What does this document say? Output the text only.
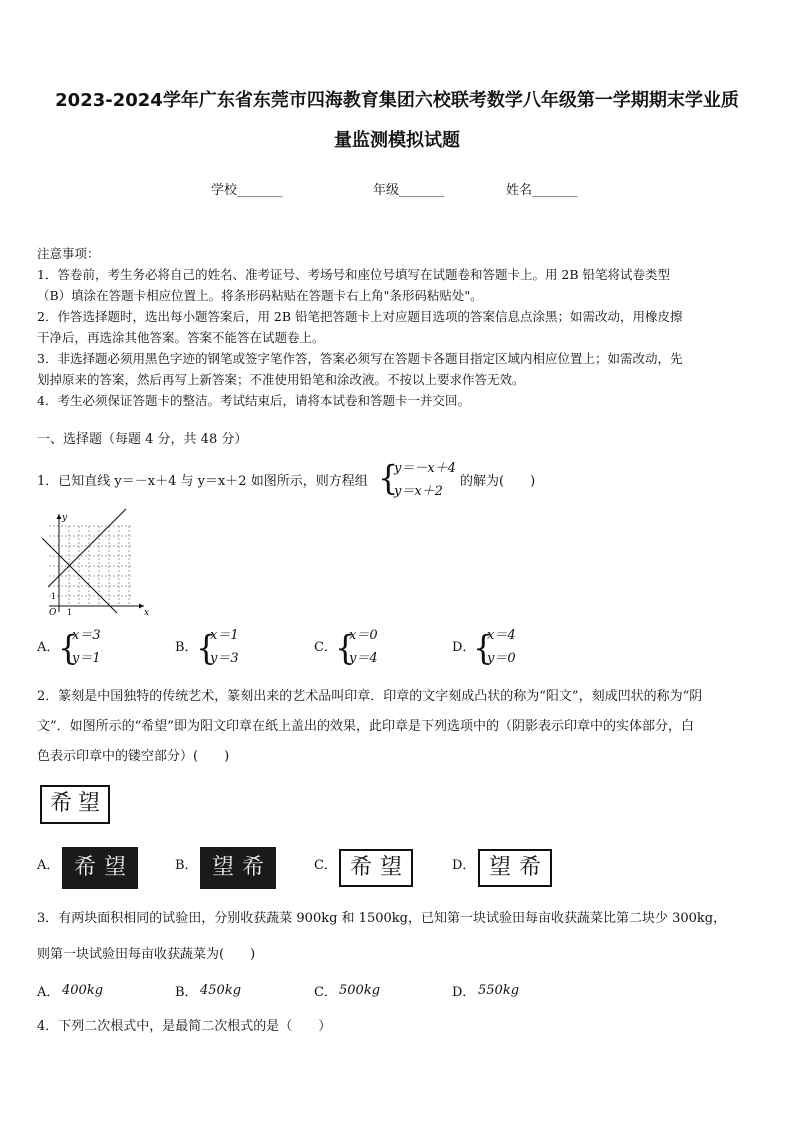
2023-2024学年广东省东莞市四海教育集团六校联考数学八年级第一学期期末学业质
量监测模拟试题
学校_______	年级_______	姓名_______
注意事项：
1．答卷前，考生务必将自己的姓名、准考证号、考场号和座位号填写在试题卷和答题卡上。用 2B 铅笔将试卷类型
（B）填涂在答题卡相应位置上。将条形码粘贴在答题卡右上角"条形码粘贴处"。
2．作答选择题时，选出每小题答案后，用 2B 铅笔把答题卡上对应题目选项的答案信息点涂黑；如需改动，用橡皮擦
干净后，再选涂其他答案。答案不能答在试题卷上。
3．非选择题必须用黑色字迹的钢笔或签字笔作答，答案必须写在答题卡各题目指定区域内相应位置上；如需改动，先
划掉原来的答案，然后再写上新答案；不准使用铅笔和涂改液。不按以上要求作答无效。
4．考生必须保证答题卡的整洁。考试结束后，请将本试卷和答题卡一并交回。
一、选择题（每题 4 分，共 48 分）
1．已知直线 y＝－x＋4 与 y＝x＋2 如图所示，则方程组 {
y＝－x＋4
y＝x＋2
的解为(　　)
y
x
O 1
1
A．
{
x＝3
y＝1
B．
{
x＝1
y＝3
C．
{
x＝0
y＝4
D．
{
x＝4
y＝0
2．篆刻是中国独特的传统艺术，篆刻出来的艺术品叫印章．印章的文字刻成凸状的称为“阳文”，刻成凹状的称为“阴
文”．如图所示的“希望”即为阳文印章在纸上盖出的效果，此印章是下列选项中的（阴影表示印章中的实体部分，白
色表示印章中的镂空部分）(　　)
希 望
A． 希 望	B． 望 希	C． 希 望	D． 望 希
3．有两块面积相同的试验田，分别收获蔬菜 900kg 和 1500kg，已知第一块试验田每亩收获蔬菜比第二块少 300kg，
则第一块试验田每亩收获蔬菜为(　　)
A． 400kg	B． 450kg	C． 500kg	D． 550kg
4．下列二次根式中，是最简二次根式的是（　　）
